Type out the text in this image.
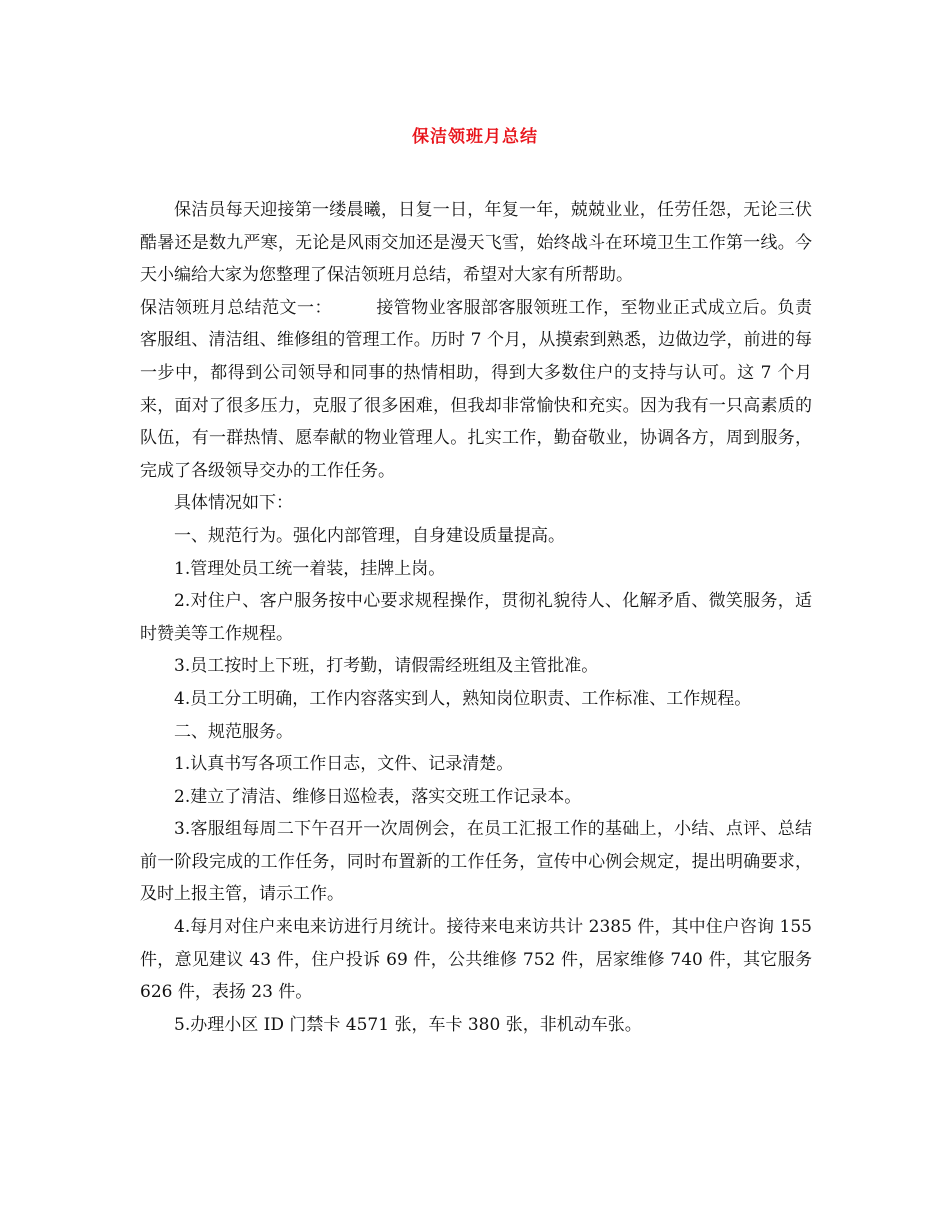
保洁领班月总结

保洁员每天迎接第一缕晨曦，日复一日，年复一年，兢兢业业，任劳任怨，无论三伏酷暑还是数九严寒，无论是风雨交加还是漫天飞雪，始终战斗在环境卫生工作第一线。今天小编给大家为您整理了保洁领班月总结，希望对大家有所帮助。

保洁领班月总结范文一：	接管物业客服部客服领班工作，至物业正式成立后。负责客服组、清洁组、维修组的管理工作。历时 7 个月，从摸索到熟悉，边做边学，前进的每一步中，都得到公司领导和同事的热情相助，得到大多数住户的支持与认可。这 7 个月来，面对了很多压力，克服了很多困难，但我却非常愉快和充实。因为我有一只高素质的队伍，有一群热情、愿奉献的物业管理人。扎实工作，勤奋敬业，协调各方，周到服务，完成了各级领导交办的工作任务。

具体情况如下：

一、规范行为。强化内部管理，自身建设质量提高。

1.管理处员工统一着装，挂牌上岗。

2.对住户、客户服务按中心要求规程操作，贯彻礼貌待人、化解矛盾、微笑服务，适时赞美等工作规程。

3.员工按时上下班，打考勤，请假需经班组及主管批准。

4.员工分工明确，工作内容落实到人，熟知岗位职责、工作标准、工作规程。

二、规范服务。

1.认真书写各项工作日志，文件、记录清楚。

2.建立了清洁、维修日巡检表，落实交班工作记录本。

3.客服组每周二下午召开一次周例会，在员工汇报工作的基础上，小结、点评、总结前一阶段完成的工作任务，同时布置新的工作任务，宣传中心例会规定，提出明确要求，及时上报主管，请示工作。

4.每月对住户来电来访进行月统计。接待来电来访共计 2385 件，其中住户咨询 155 件，意见建议 43 件，住户投诉 69 件，公共维修 752 件，居家维修 740 件，其它服务 626 件，表扬 23 件。

5.办理小区 ID 门禁卡 4571 张，车卡 380 张，非机动车张。
